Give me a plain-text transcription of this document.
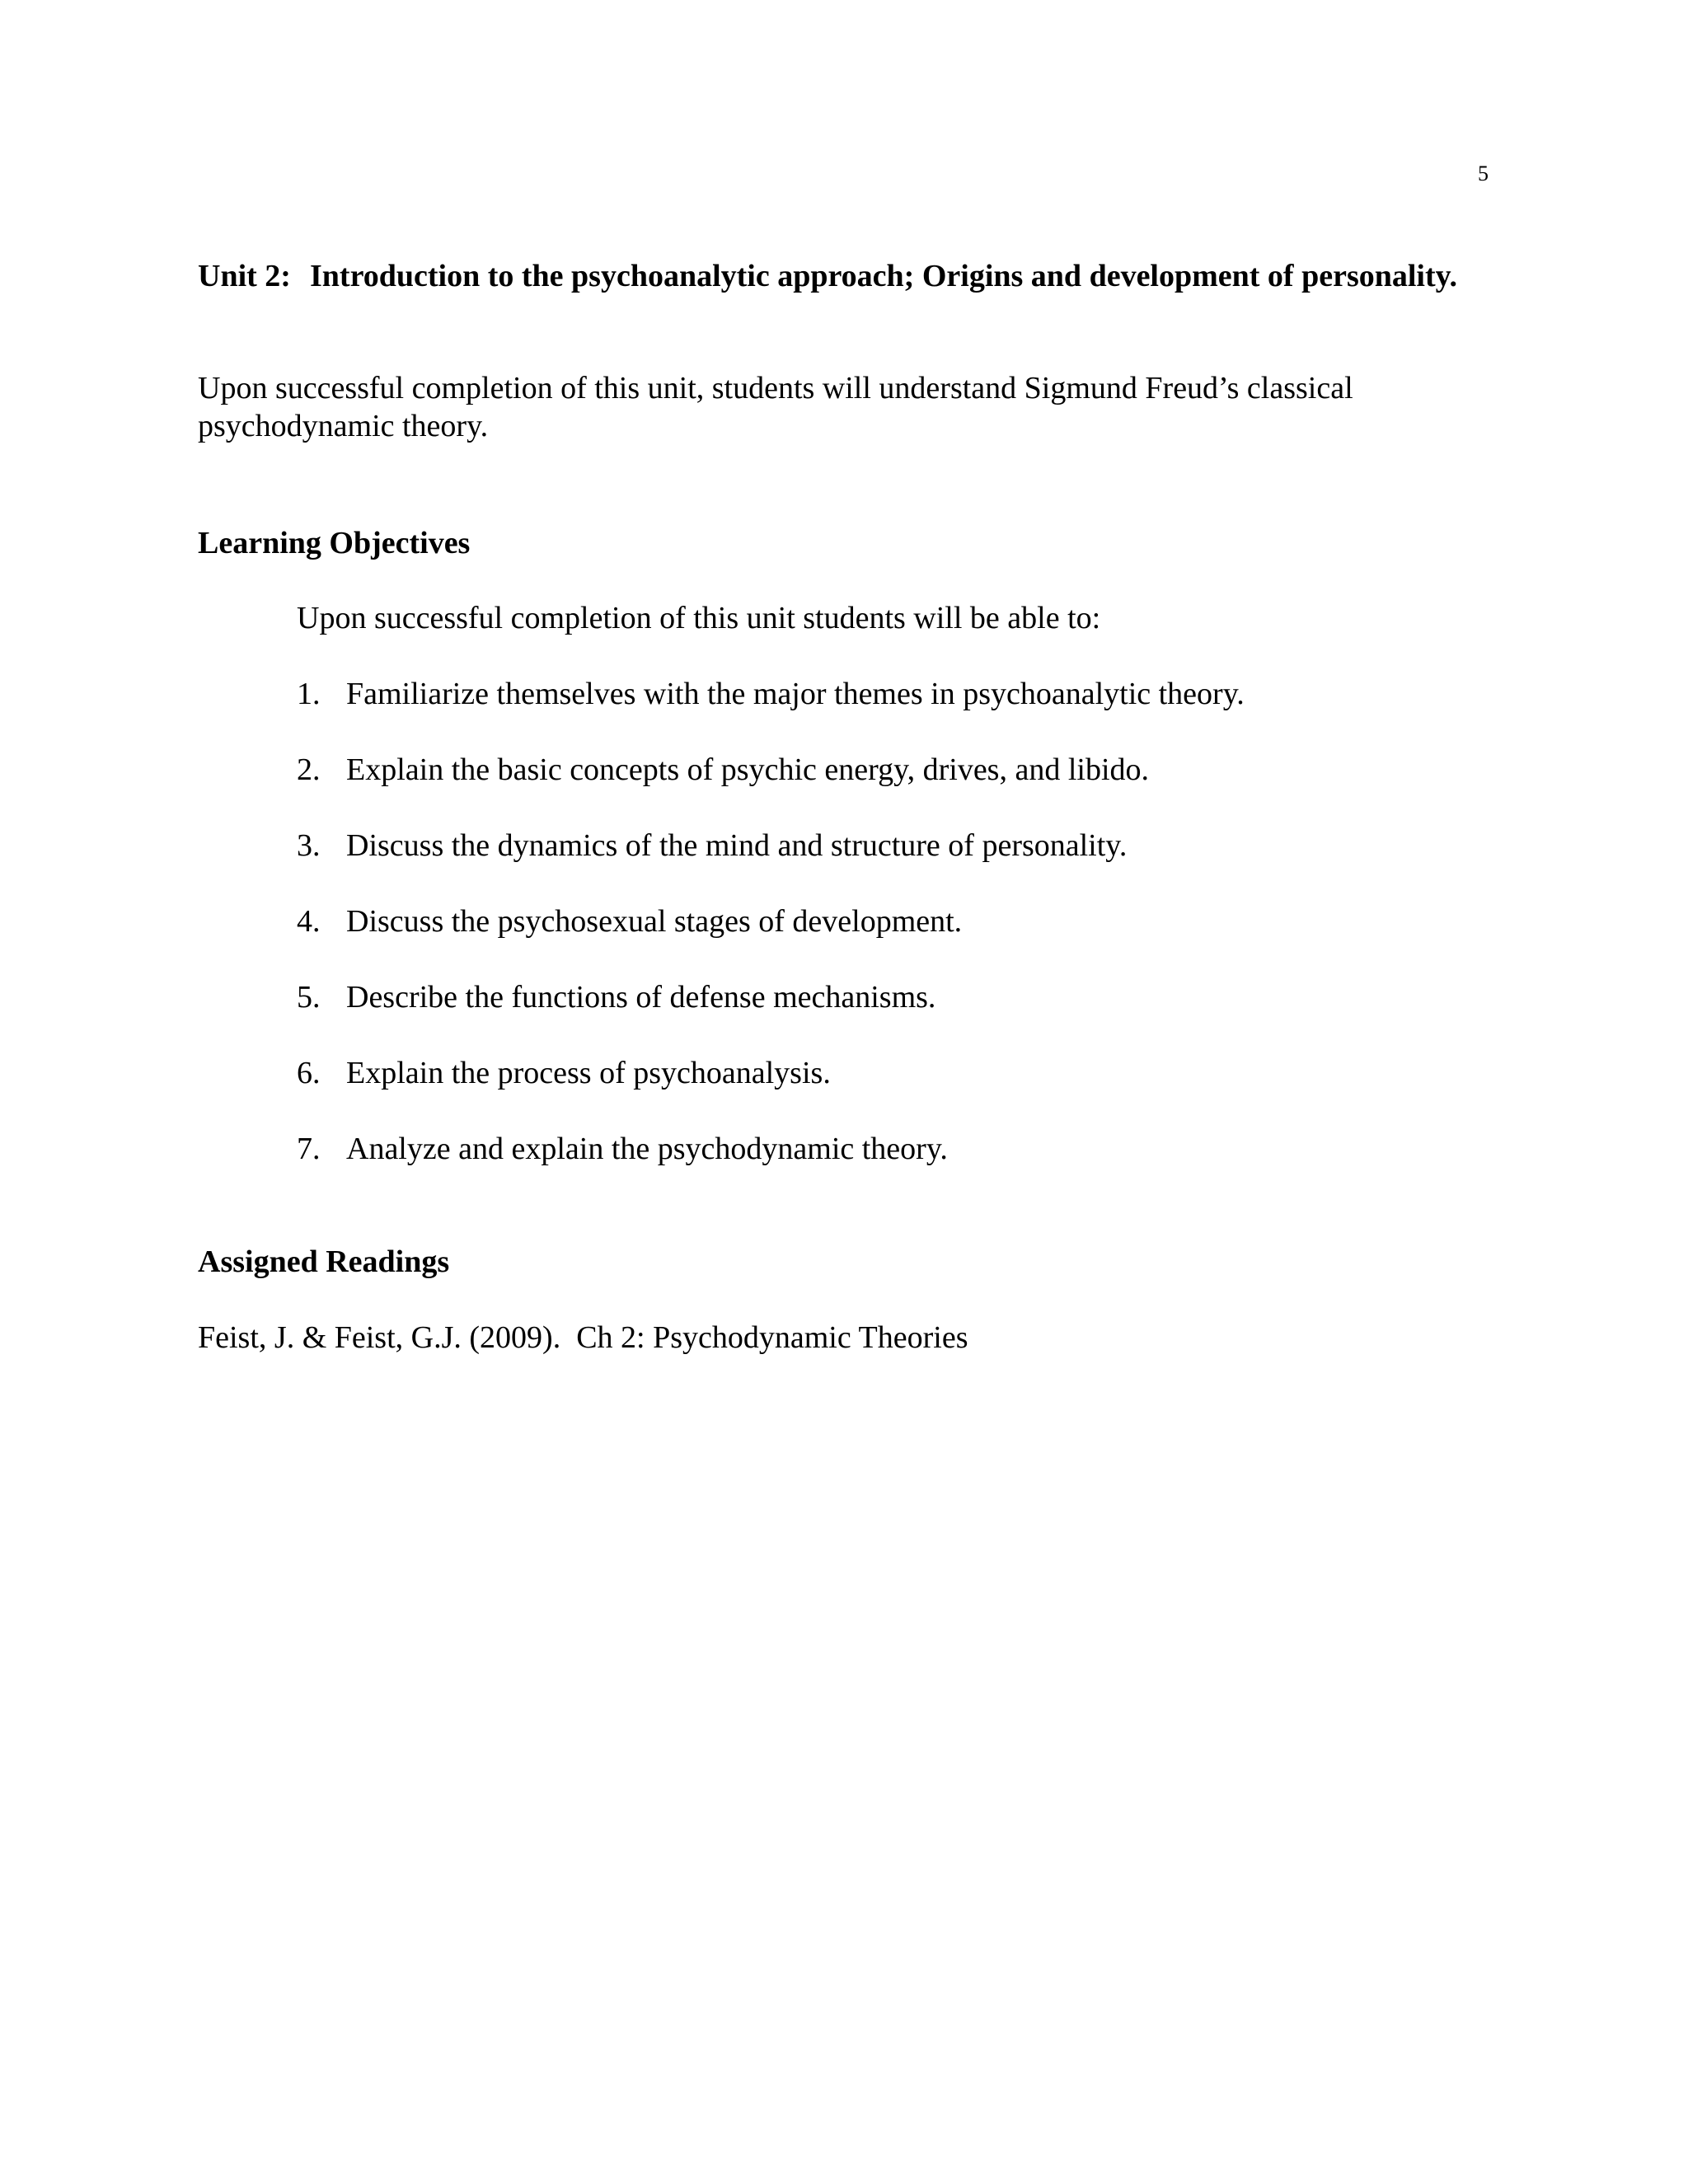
5
Unit 2: Introduction to the psychoanalytic approach; Origins and development of personality.
Upon successful completion of this unit, students will understand Sigmund Freud’s classical psychodynamic theory.
Learning Objectives
Upon successful completion of this unit students will be able to:
1. Familiarize themselves with the major themes in psychoanalytic theory.
2. Explain the basic concepts of psychic energy, drives, and libido.
3. Discuss the dynamics of the mind and structure of personality.
4. Discuss the psychosexual stages of development.
5. Describe the functions of defense mechanisms.
6. Explain the process of psychoanalysis.
7. Analyze and explain the psychodynamic theory.
Assigned Readings
Feist, J. & Feist, G.J. (2009).  Ch 2: Psychodynamic Theories
